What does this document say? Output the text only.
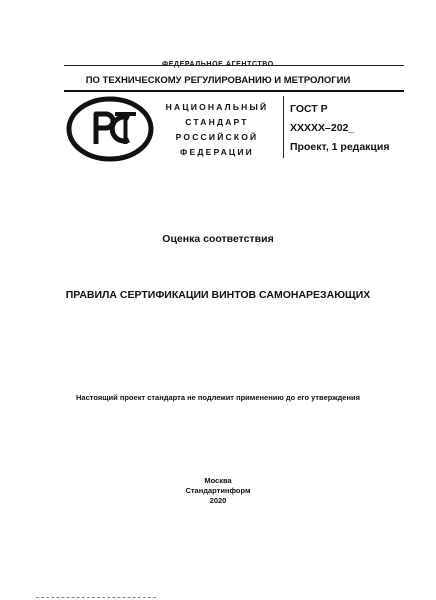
ПО ТЕХНИЧЕСКОМУ РЕГУЛИРОВАНИЮ И МЕТРОЛОГИИ
НАЦИОНАЛЬНЫЙ
СТАНДАРТ
РОССИЙСКОЙ
ФЕДЕРАЦИИ
ГОСТ Р
ХХХХХ–202_
Проект, 1 редакция
Оценка соответствия
ПРАВИЛА СЕРТИФИКАЦИИ ВИНТОВ САМОНАРЕЗАЮЩИХ
Настоящий проект стандарта не подлежит применению до его утверждения
Москва
Стандартинформ
2020
